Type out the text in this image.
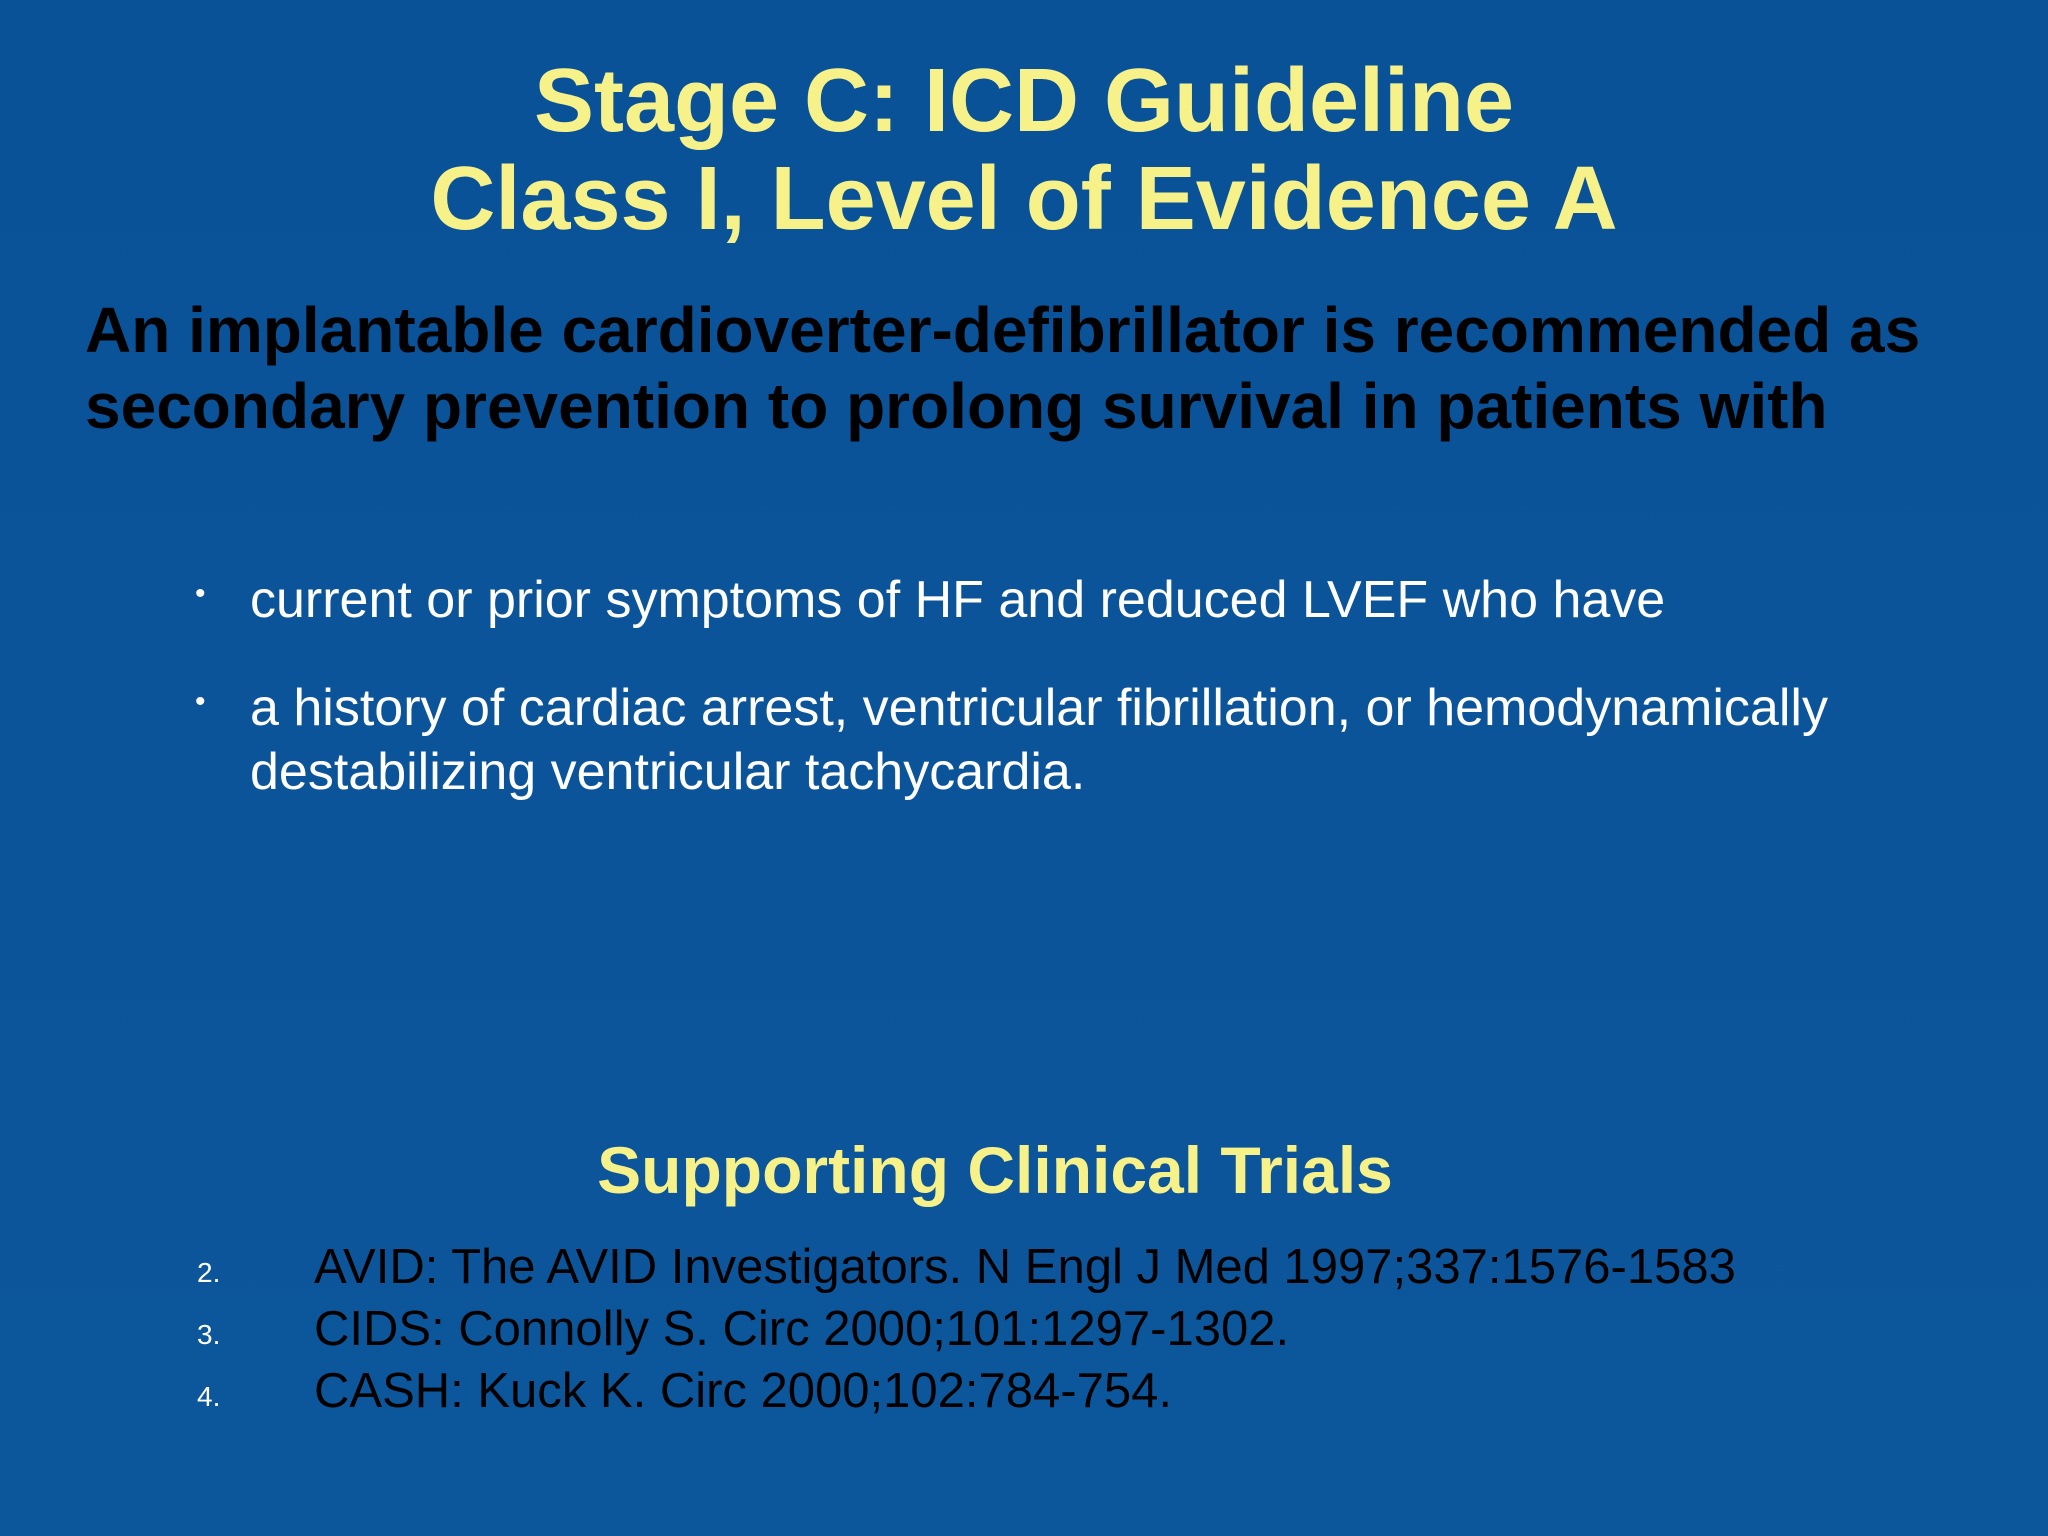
Stage C: ICD Guideline
Class I, Level of Evidence A
An implantable cardioverter-defibrillator is recommended as secondary prevention to prolong survival in patients with
• current or prior symptoms of HF and reduced LVEF who have
• a history of cardiac arrest, ventricular fibrillation, or hemodynamically destabilizing ventricular tachycardia.
Supporting Clinical Trials
2. AVID: The AVID Investigators. N Engl J Med 1997;337:1576-1583
3. CIDS: Connolly S. Circ 2000;101:1297-1302.
4. CASH: Kuck K. Circ 2000;102:784-754.
